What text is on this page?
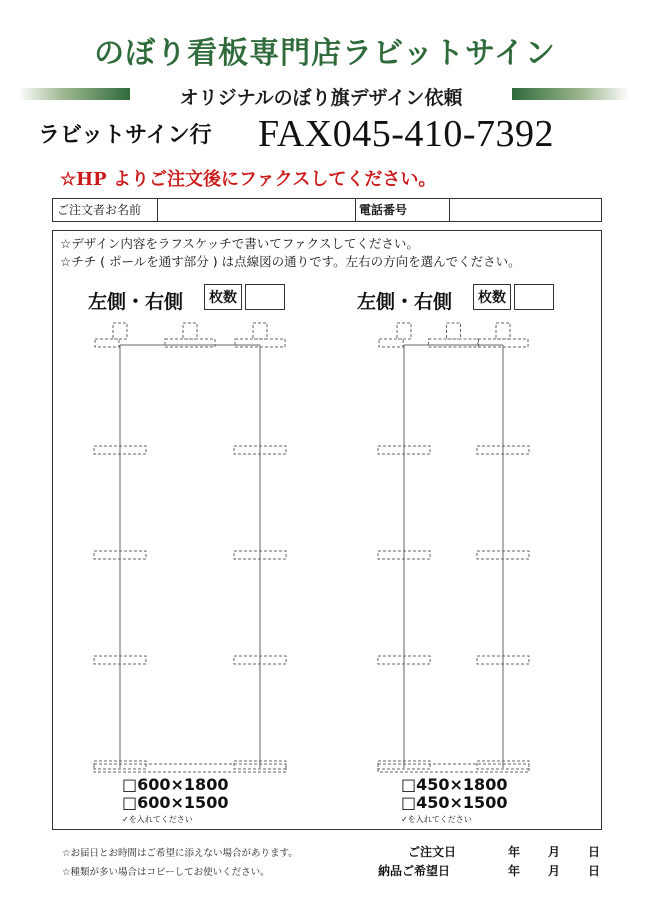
のぼり看板専門店ラビットサイン
オリジナルのぼり旗デザイン依頼
ラビットサイン行 FAX045-410-7392
☆HP よりご注文後にファクスしてください。
ご注文者お名前	電話番号
☆デザイン内容をラフスケッチで書いてファクスしてください。
☆チチ ( ポールを通す部分 ) は点線図の通りです。左右の方向を選んでください。
左側・右側	枚数	左側・右側	枚数
□600×1800
□600×1500
✓を入れてください
□450×1800
□450×1500
✓を入れてください
☆お届日とお時間はご希望に添えない場合があります。
☆種類が多い場合はコピーしてお使いください。
ご注文日	年 月 日
納品ご希望日	年 月 日
